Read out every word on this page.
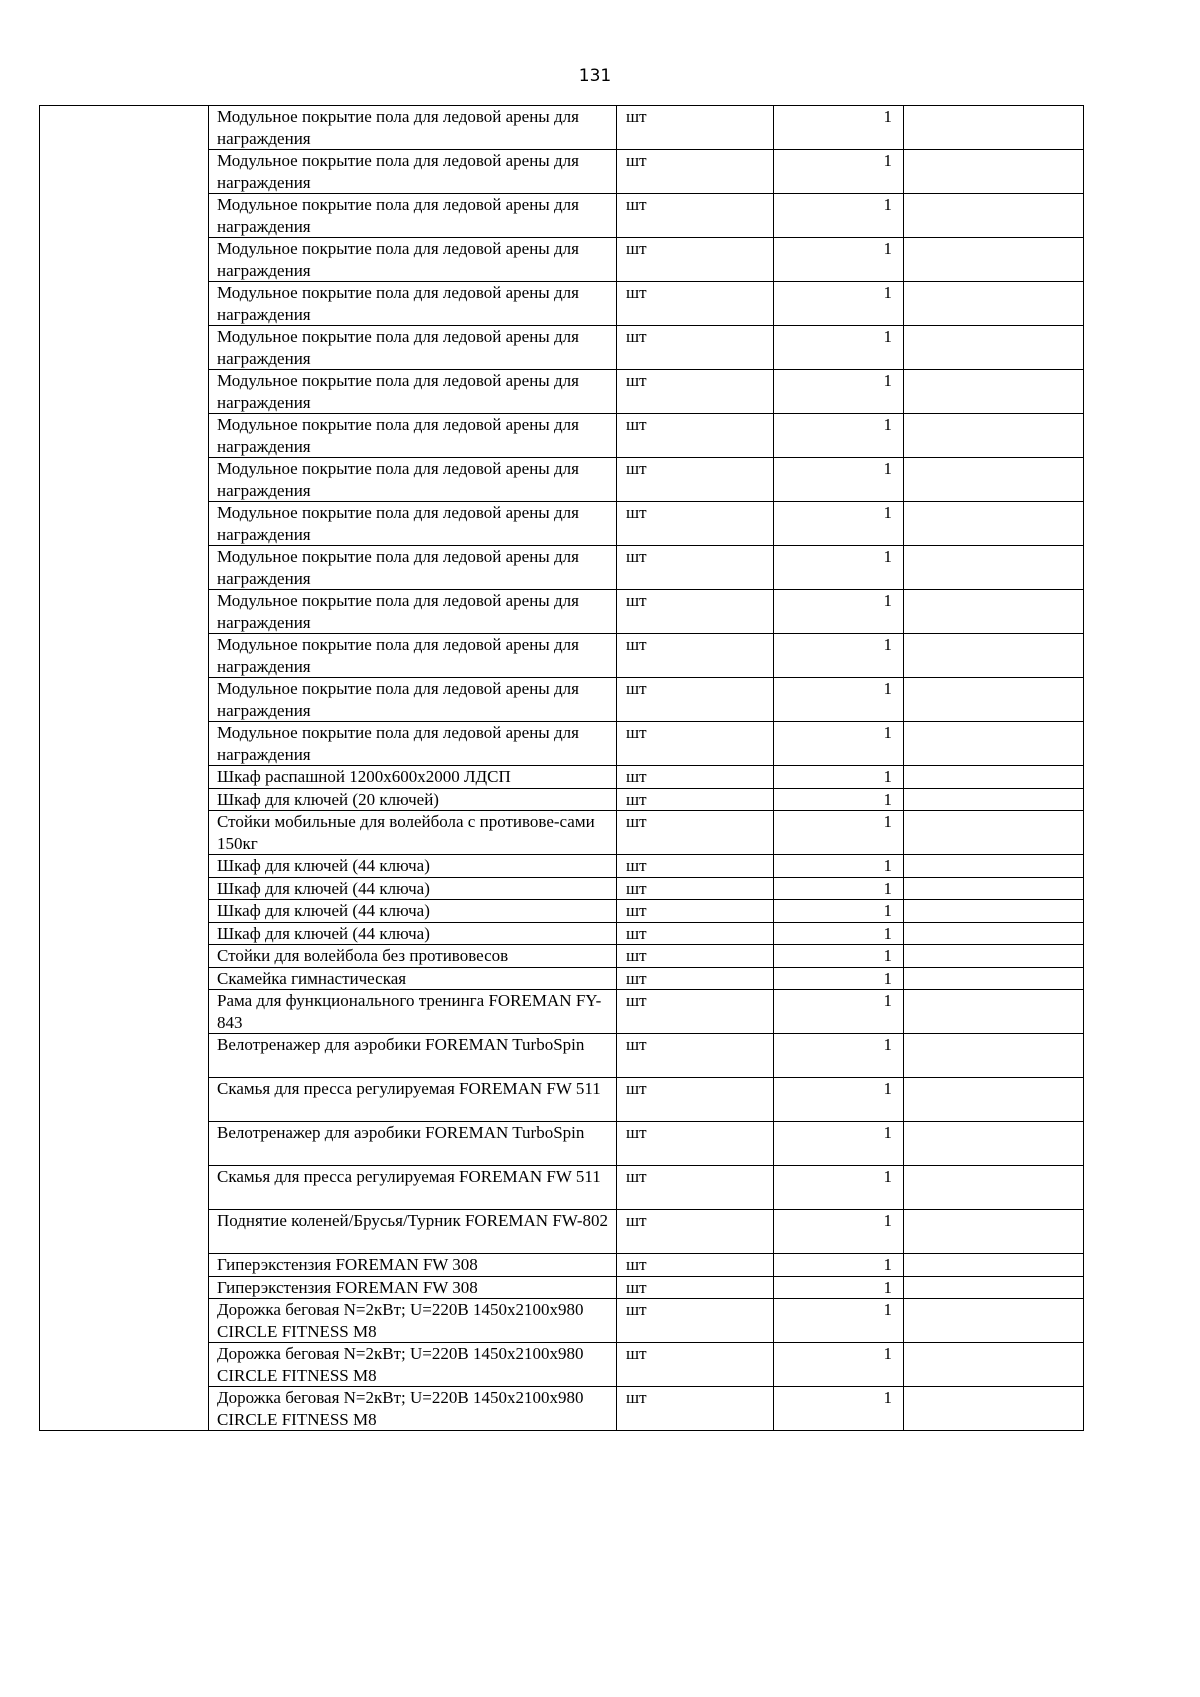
131
	Модульное покрытие пола для ледовой арены для награждения	шт	1	
	Модульное покрытие пола для ледовой арены для награждения	шт	1	
	Модульное покрытие пола для ледовой арены для награждения	шт	1	
	Модульное покрытие пола для ледовой арены для награждения	шт	1	
	Модульное покрытие пола для ледовой арены для награждения	шт	1	
	Модульное покрытие пола для ледовой арены для награждения	шт	1	
	Модульное покрытие пола для ледовой арены для награждения	шт	1	
	Модульное покрытие пола для ледовой арены для награждения	шт	1	
	Модульное покрытие пола для ледовой арены для награждения	шт	1	
	Модульное покрытие пола для ледовой арены для награждения	шт	1	
	Модульное покрытие пола для ледовой арены для награждения	шт	1	
	Модульное покрытие пола для ледовой арены для награждения	шт	1	
	Модульное покрытие пола для ледовой арены для награждения	шт	1	
	Модульное покрытие пола для ледовой арены для награждения	шт	1	
	Модульное покрытие пола для ледовой арены для награждения	шт	1	
	Шкаф распашной 1200х600х2000 ЛДСП	шт	1	
	Шкаф для ключей (20 ключей)	шт	1	
	Стойки мобильные для волейбола с противове-сами 150кг	шт	1	
	Шкаф для ключей (44 ключа)	шт	1	
	Шкаф для ключей (44 ключа)	шт	1	
	Шкаф для ключей (44 ключа)	шт	1	
	Шкаф для ключей (44 ключа)	шт	1	
	Стойки для волейбола без противовесов	шт	1	
	Скамейка гимнастическая	шт	1	
	Рама для функционального тренинга FOREMAN FY-843	шт	1	
	Велотренажер для аэробики FOREMAN TurboSpin	шт	1	
	Скамья для пресса регулируемая FOREMAN FW 511	шт	1	
	Велотренажер для аэробики FOREMAN TurboSpin	шт	1	
	Скамья для пресса регулируемая FOREMAN FW 511	шт	1	
	Поднятие коленей/Брусья/Турник FOREMAN FW-802	шт	1	
	Гиперэкстензия FOREMAN FW 308	шт	1	
	Гиперэкстензия FOREMAN FW 308	шт	1	
	Дорожка беговая N=2кВт; U=220В 1450х2100х980 CIRCLE FITNESS M8	шт	1	
	Дорожка беговая N=2кВт; U=220В 1450х2100х980 CIRCLE FITNESS M8	шт	1	
	Дорожка беговая N=2кВт; U=220В 1450х2100х980 CIRCLE FITNESS M8	шт	1	
